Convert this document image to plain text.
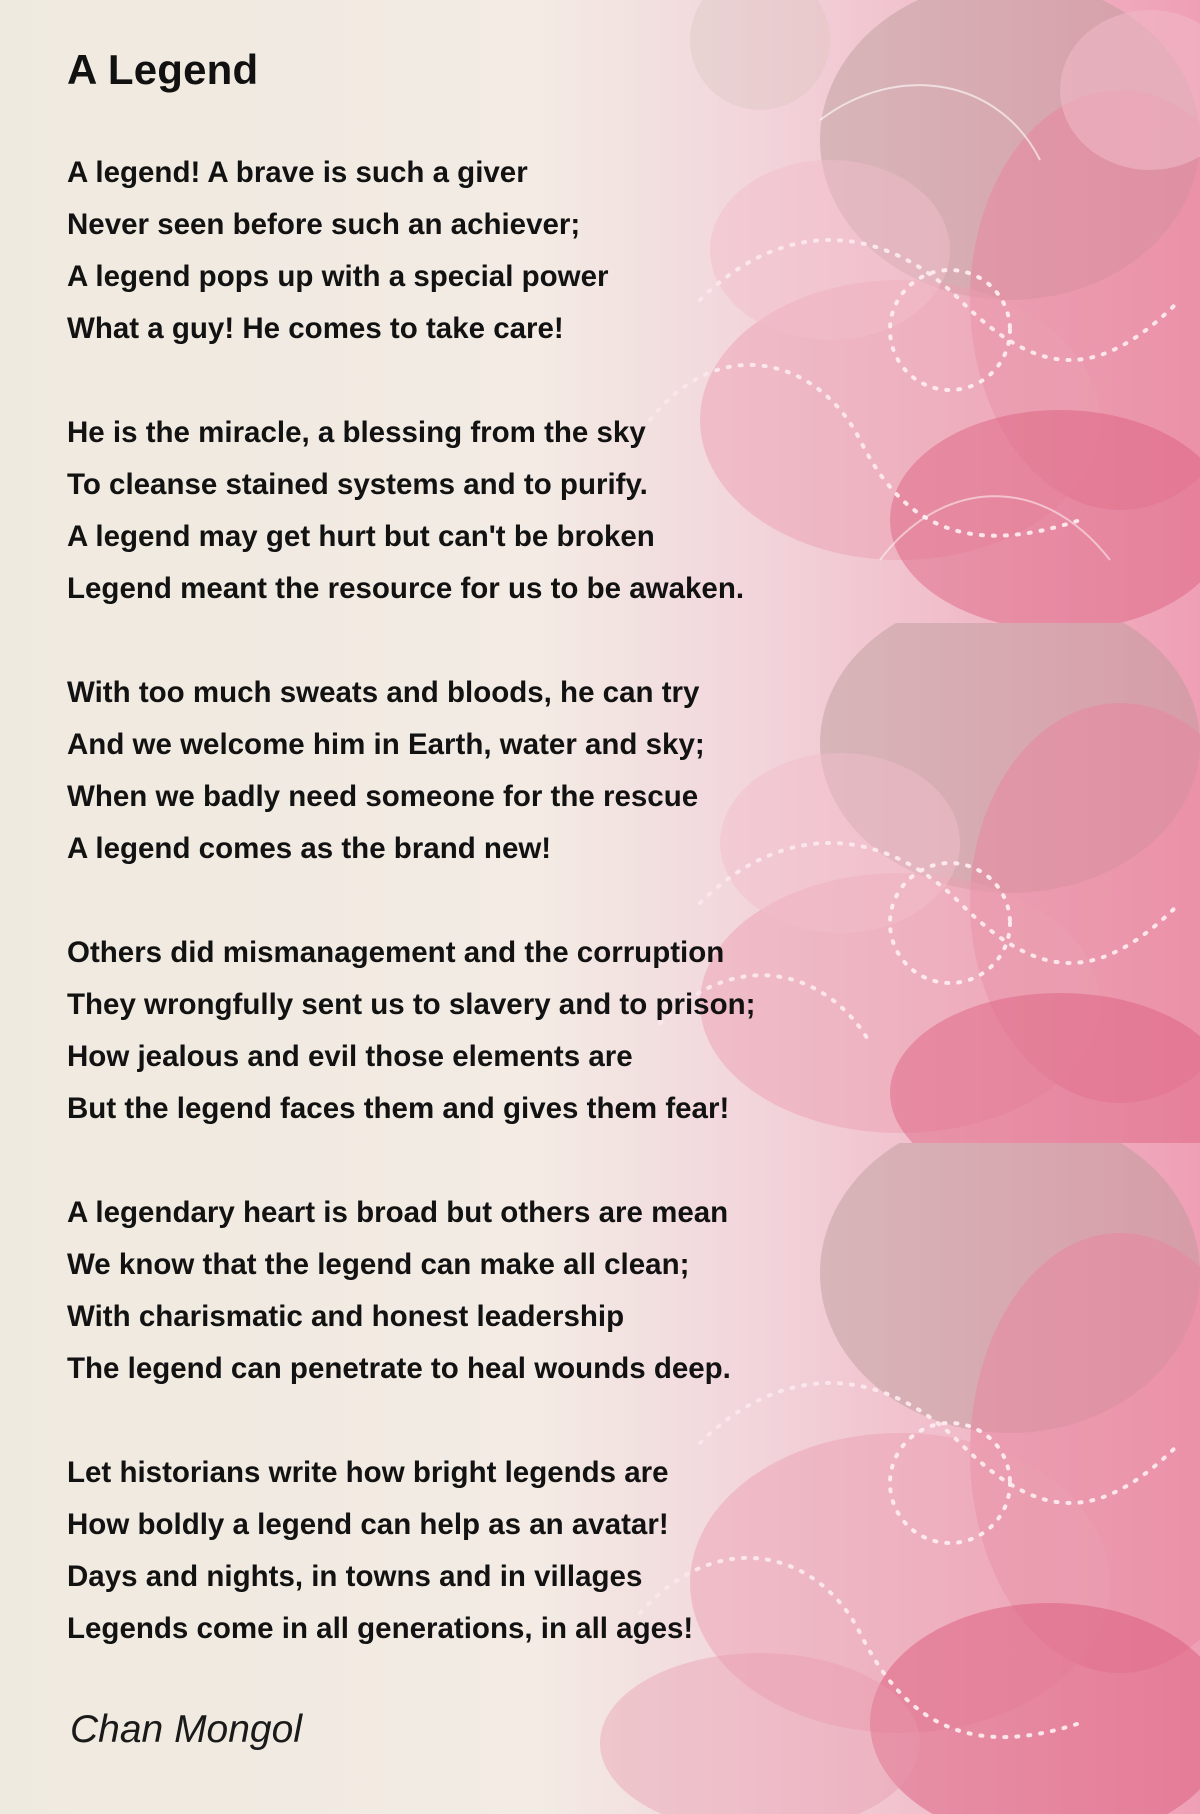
A Legend
A legend! A brave is such a giver
Never seen before such an achiever;
A legend pops up with a special power
What a guy! He comes to take care!
He is the miracle, a blessing from the sky
To cleanse stained systems and to purify.
A legend may get hurt but can't be broken
Legend meant the resource for us to be awaken.
With too much sweats and bloods, he can try
And we welcome him in Earth, water and sky;
When we badly need someone for the rescue
A legend comes as the brand new!
Others did mismanagement and the corruption
They wrongfully sent us to slavery and to prison;
How jealous and evil those elements are
But the legend faces them and gives them fear!
A legendary heart is broad but others are mean
We know that the legend can make all clean;
With charismatic and honest leadership
The legend can penetrate to heal wounds deep.
Let historians write how bright legends are
How boldly a legend can help as an avatar!
Days and nights, in towns and in villages
Legends come in all generations, in all ages!
Chan Mongol
